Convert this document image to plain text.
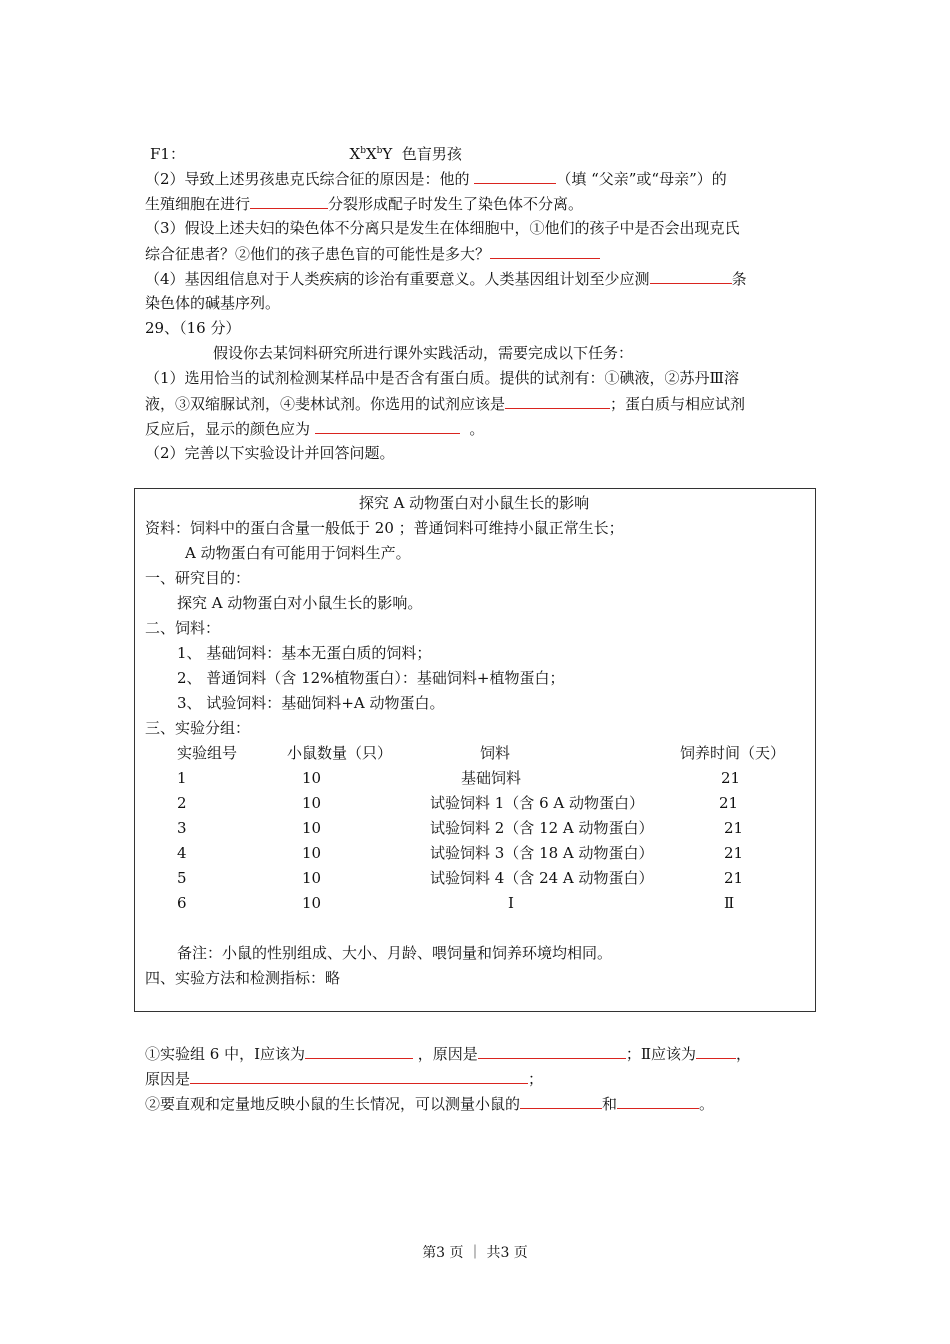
F1：	$X^bX^bY$ 色盲男孩
（2）导致上述男孩患克氏综合征的原因是：他的	（填 “父亲”或“母亲”）的
生殖细胞在进行	分裂形成配子时发生了染色体不分离。
（3）假设上述夫妇的染色体不分离只是发生在体细胞中，①他们的孩子中是否会出现克氏
综合征患者？②他们的孩子患色盲的可能性是多大？
（4）基因组信息对于人类疾病的诊治有重要意义。人类基因组计划至少应测	条
染色体的碱基序列。
29、（16 分）
假设你去某饲料研究所进行课外实践活动，需要完成以下任务：
（1）选用恰当的试剂检测某样品中是否含有蛋白质。提供的试剂有：①碘液，②苏丹Ⅲ溶
液，③双缩脲试剂，④斐林试剂。你选用的试剂应该是	；蛋白质与相应试剂
反应后，显示的颜色应为	。
（2）完善以下实验设计并回答问题。
探究 A 动物蛋白对小鼠生长的影响
资料：饲料中的蛋白含量一般低于 20 ；普通饲料可维持小鼠正常生长；
A 动物蛋白有可能用于饲料生产。
一、研究目的：
探究 A 动物蛋白对小鼠生长的影响。
二、饲料：
1、 基础饲料：基本无蛋白质的饲料；
2、 普通饲料（含 12%植物蛋白）：基础饲料+植物蛋白；
3、 试验饲料：基础饲料+A 动物蛋白。
三、实验分组：
实验组号	小鼠数量（只）	饲料	饲养时间（天）
1	10	基础饲料	21
2	10	试验饲料 1（含 6 A 动物蛋白）	21
3	10	试验饲料 2（含 12 A 动物蛋白）	21
4	10	试验饲料 3（含 18 A 动物蛋白）	21
5	10	试验饲料 4（含 24 A 动物蛋白）	21
6	10	Ⅰ	Ⅱ
备注：小鼠的性别组成、大小、月龄、喂饲量和饲养环境均相同。
四、实验方法和检测指标：略
①实验组 6 中，Ⅰ应该为	，原因是	；Ⅱ应该为	，
原因是	；
②要直观和定量地反映小鼠的生长情况，可以测量小鼠的	和	。
第3 页 ｜ 共3 页
